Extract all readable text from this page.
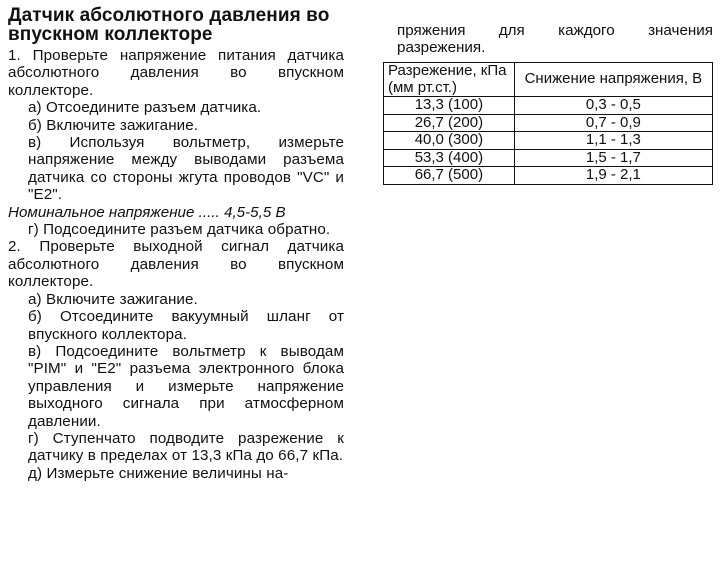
Датчик абсолютного давления во впускном коллекторе

1. Проверьте напряжение питания датчика абсолютного давления во впускном коллекторе.

а) Отсоедините разъем датчика.

б) Включите зажигание.

в) Используя вольтметр, измерьте напряжение между выводами разъема датчика со стороны жгута проводов "VC" и "E2".

Номинальное напряжение ..... 4,5-5,5 В

г) Подсоедините разъем датчика обратно.

2. Проверьте выходной сигнал датчика абсолютного давления во впускном коллекторе.

а) Включите зажигание.

б) Отсоедините вакуумный шланг от впускного коллектора.

в) Подсоедините вольтметр к выводам "PIM" и "E2" разъема электронного блока управления и измерьте напряжение выходного сигнала при атмосферном давлении.

г) Ступенчато подводите разрежение к датчику в пределах от 13,3 кПа до 66,7 кПа.

д) Измерьте снижение величины на-

пряжения для каждого значения разрежения.

Разрежение, кПа (мм рт.ст.)	Снижение напряжения, В
13,3 (100)	0,3 - 0,5
26,7 (200)	0,7 - 0,9
40,0 (300)	1,1 - 1,3
53,3 (400)	1,5 - 1,7
66,7 (500)	1,9 - 2,1
